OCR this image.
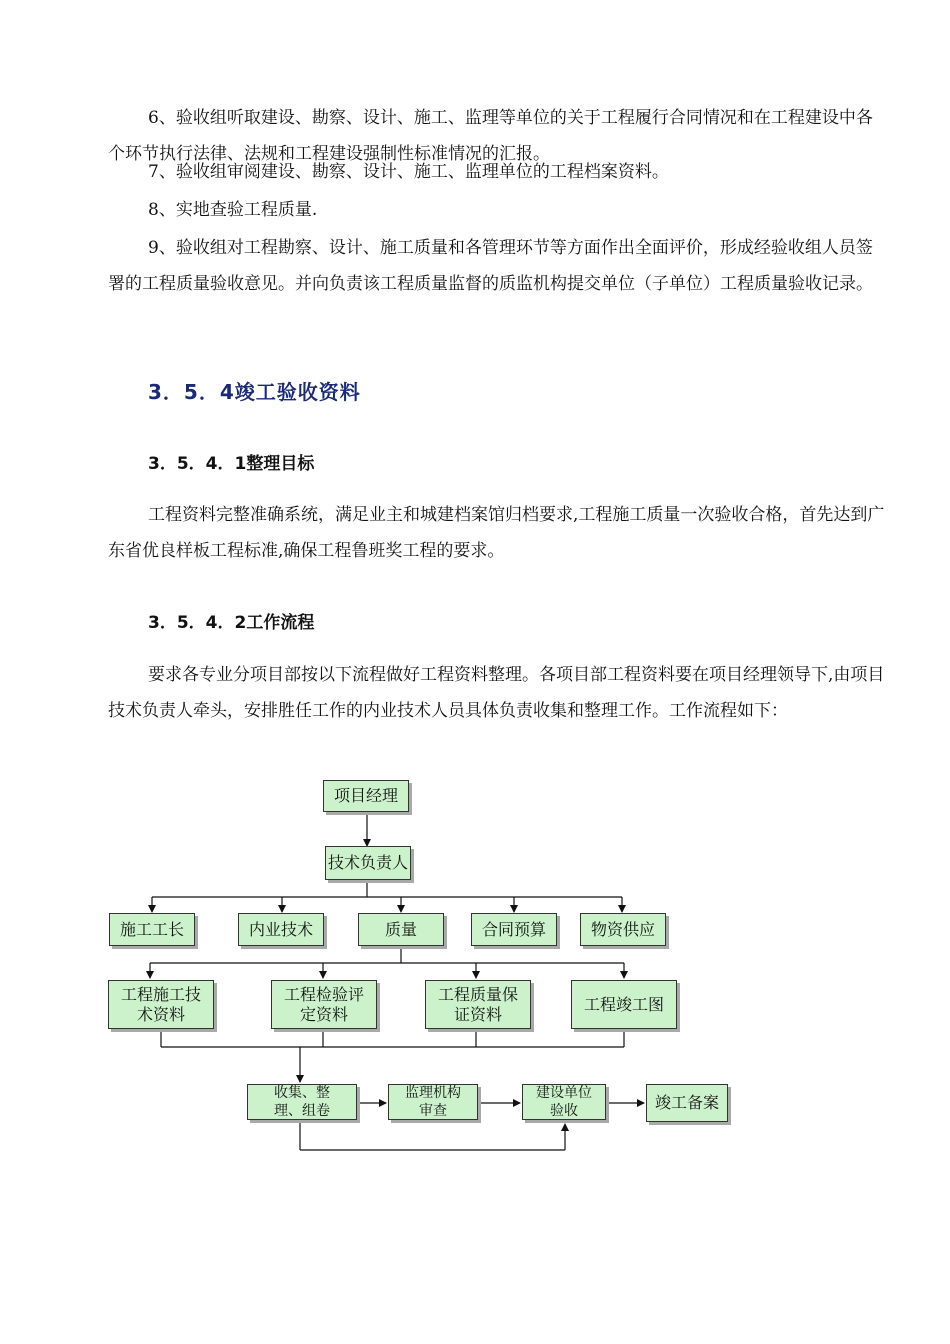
6、验收组听取建设、勘察、设计、施工、监理等单位的关于工程履行合同情况和在工程建设中各个环节执行法律、法规和工程建设强制性标准情况的汇报。

7、验收组审阅建设、勘察、设计、施工、监理单位的工程档案资料。

8、实地查验工程质量.

9、验收组对工程勘察、设计、施工质量和各管理环节等方面作出全面评价，形成经验收组人员签署的工程质量验收意见。并向负责该工程质量监督的质监机构提交单位（子单位）工程质量验收记录。

3．5．4竣工验收资料
3．5．4．1整理目标

工程资料完整准确系统，满足业主和城建档案馆归档要求,工程施工质量一次验收合格，首先达到广东省优良样板工程标准,确保工程鲁班奖工程的要求。

3．5．4．2工作流程

要求各专业分项目部按以下流程做好工程资料整理。各项目部工程资料要在项目经理领导下,由项目技术负责人牵头，安排胜任工作的内业技术人员具体负责收集和整理工作。工作流程如下：

项目经理
技术负责人
施工工长	内业技术	质量	合同预算	物资供应
工程施工技术资料
工程检验评定资料
工程质量保证资料
工程竣工图
收集、整理、组卷
监理机构审查
建设单位验收	竣工备案
